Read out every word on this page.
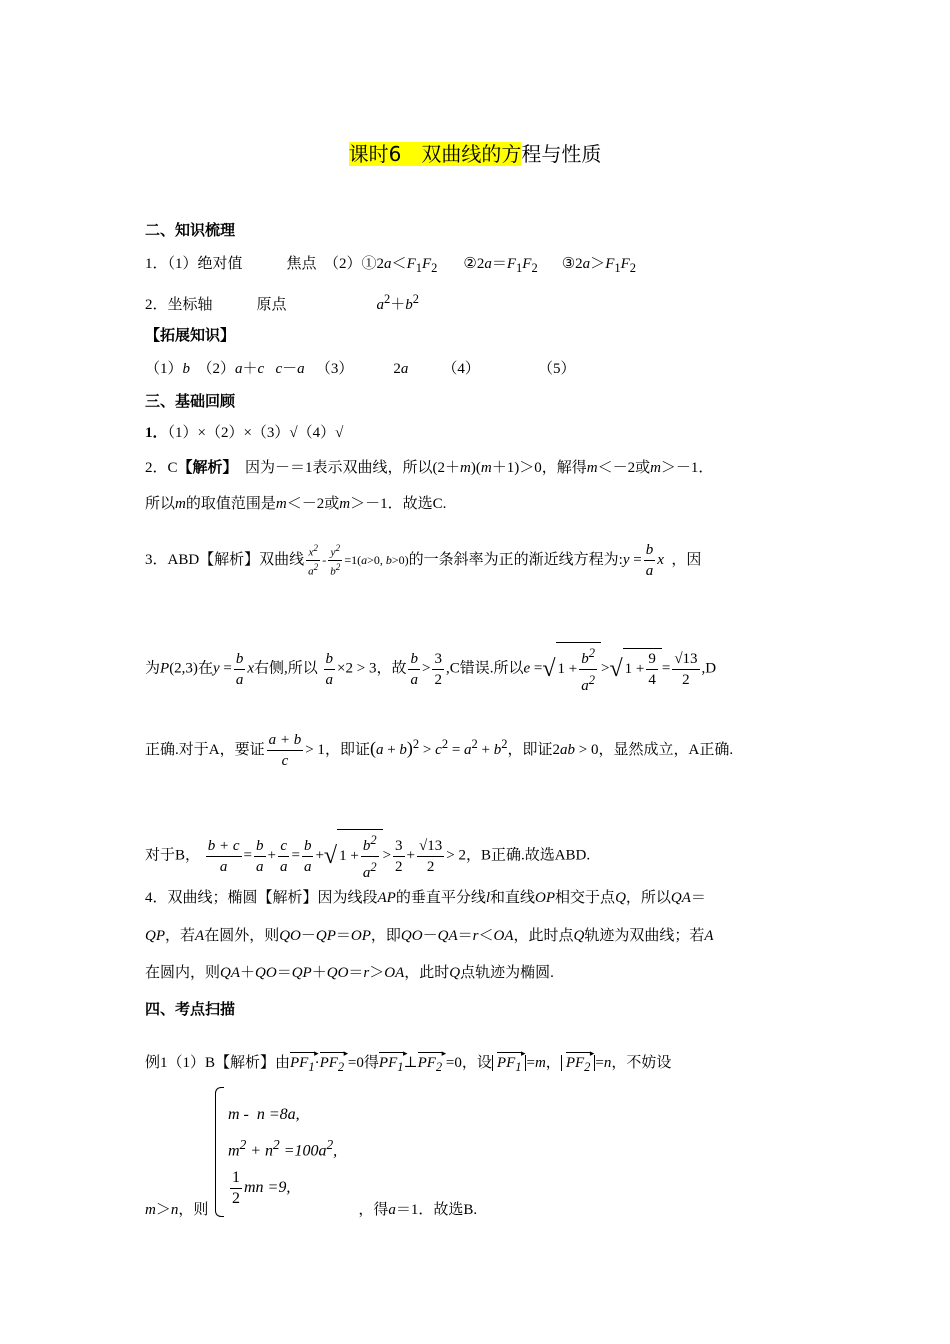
课时6　双曲线的方程与性质
二、知识梳理
1．（1）绝对值	焦点 $(2)①2a<F_1F_2$ $②2a=F_1F_2$ $③2a>F_1F_2$
2．坐标轴	原点	$a^2+b^2$
【拓展知识】
（1）b （2）a＋c c－a （3）	2a （4）	（5）
三、基础回顾
1．（1）×（2）×（3）√（4）√
2．C【解析】 因为－＝1表示双曲线，所以(2＋m)(m＋1)＞0，解得m＜－2或m＞－1．
所以m的取值范围是m＜－2或m＞－1．故选C.
3．ABD【解析】双曲线 $\frac{x^2}{a^2} - \frac{y^2}{b^2} =1(a>0$, b>0)的一条斜率为正的渐近线方程为:y = $\frac{b}{a}$ x ，因
为P(2,3)在$y = \frac{b}{a}$ x右侧,所以 $\frac{b}{a} \times 2 > 3$，故 $\frac{b}{a} > \frac{3}{2} ,C$错误.所以e =√ $1 + \frac{b^2}{a^2}$ >√ $1 + \frac{9}{4} = \frac{√13}{2} ,D$
正确.对于A，要证 $\frac{a + b}{c} > 1$，即证$(a + b)^2 > c^2 = a^2 + b^2$，即证2ab > 0，显然成立，A正确.
对于B， $\frac{b + c}{a} = \frac{b}{a} + \frac{c}{a} = \frac{b}{a}$ +√ $1 + \frac{b^2}{a^2} > \frac{3}{2} + \frac{√13}{2} > 2$，B正确.故选ABD.
4．双曲线；椭圆【解析】因为线段AP的垂直平分线l和直线OP相交于点Q，所以QA＝
QP，若A在圆外，则QO－QP＝OP，即QO－QA＝r＜OA，此时点Q轨迹为双曲线；若A
在圆内，则QA＋QO＝QP＋QO＝r＞OA，此时Q点轨迹为椭圆.
四、考点扫描
例1（1）B【解析】由$PF_1$ $▸\cdot PF_2$ ▸ =0得$PF_1$ $▸\perp PF_2$ ▸ =0，设 $PF_1$ ▸ =m， $PF_2$ ▸ =n，不妨设
m -  n =8a,
$m^2 + n^2 =100a^2$,
$\frac{1}{2}$ mn =9,
m＞n，则	，得a＝1．故选B.
